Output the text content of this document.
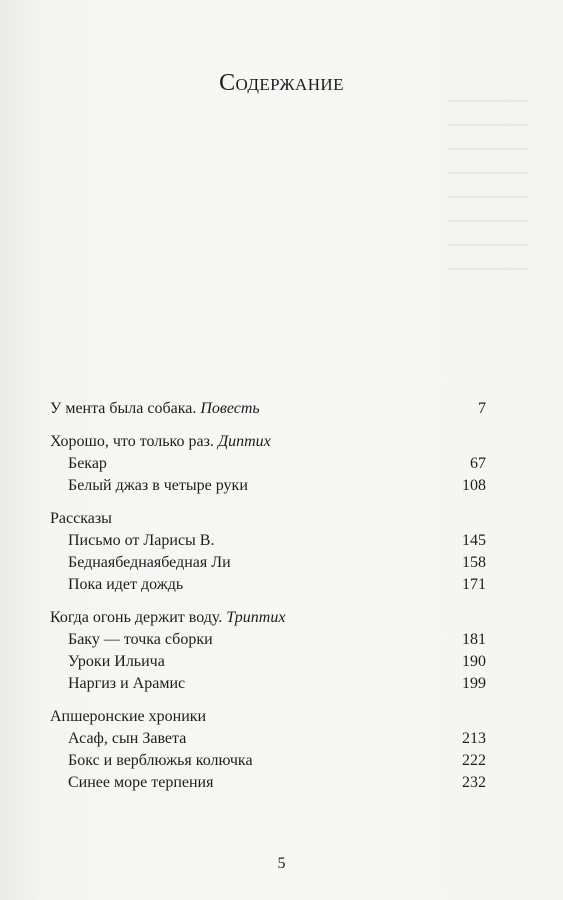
Содержание
У мента была собака. Повесть	7
Хорошо, что только раз. Диптих
Бекар	67
Белый джаз в четыре руки	108
Рассказы
Письмо от Ларисы В.	145
Беднаябеднаябедная Ли	158
Пока идет дождь	171
Когда огонь держит воду. Триптих
Баку — точка сборки	181
Уроки Ильича	190
Наргиз и Арамис	199
Апшеронские хроники
Асаф, сын Завета	213
Бокс и верблюжья колючка	222
Синее море терпения	232
5
